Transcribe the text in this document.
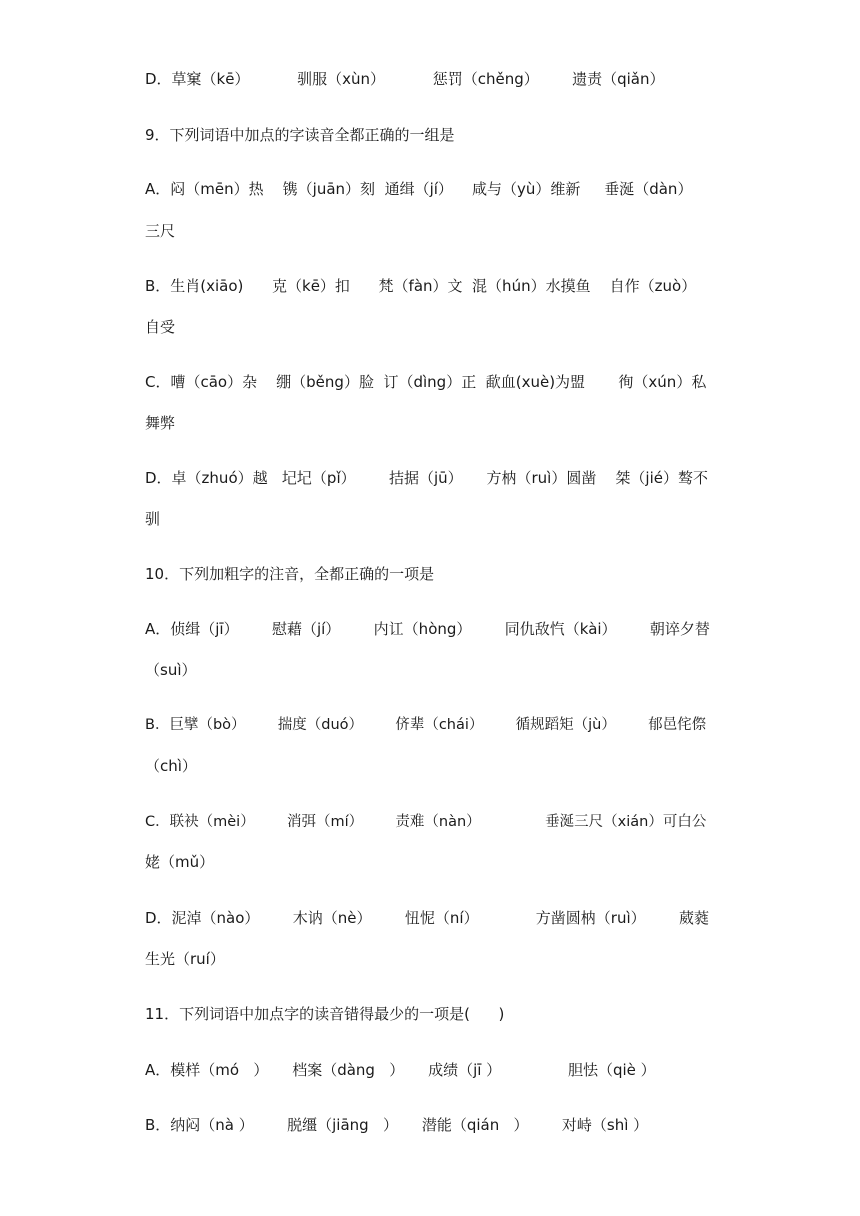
D．草窠（kē）          驯服（xùn）          惩罚（chěng）       遗责（qiǎn）
9．下列词语中加点的字读音全都正确的一组是
A．闷（mēn）热    镌（juān）刻  通缉（jí）    咸与（yù）维新     垂涎（dàn）
三尺
B．生肖(xiāo)      克（kē）扣      梵（fàn）文  混（hún）水摸鱼    自作（zuò）
自受
C．嘈（cāo）杂    绷（běng）脸  订（dìng）正  歃血(xuè)为盟       徇（xún）私
舞弊
D．卓（zhuó）越   圮圮（pǐ）       拮据（jū）     方枘（ruì）圆凿    桀（jié）骜不
驯
10．下列加粗字的注音，全都正确的一项是
A．侦缉（jī）       慰藉（jí）       内讧（hòng）       同仇敌忾（kài）       朝谇夕替
（suì）
B．巨擘（bò）       揣度（duó）       侪辈（chái）       循规蹈矩（jù）       郁邑侘傺
（chì）
C．联袂（mèi）       消弭（mí）       责难（nàn）              垂涎三尺（xián）可白公
姥（mǔ）
D．泥淖（nào）       木讷（nè）       忸怩（ní）            方凿圆枘（ruì）       葳蕤
生光（ruí）
11．下列词语中加点字的读音错得最少的一项是(      )
A．模样（mó   ）     档案（dàng   ）     成绩（jī ）              胆怯（qiè ）
B．纳闷（nà ）       脱缰（jiāng   ）     潜能（qián   ）       对峙（shì ）
